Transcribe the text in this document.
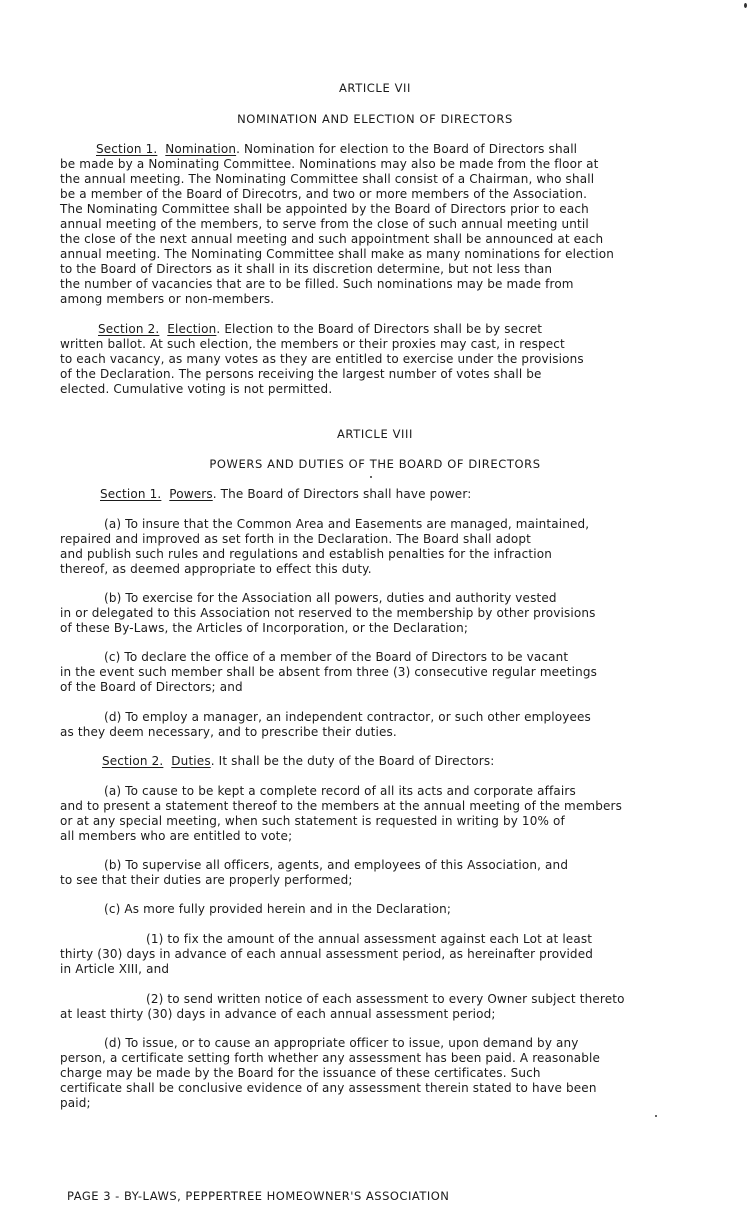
ARTICLE VII
NOMINATION AND ELECTION OF DIRECTORS
Section 1. Nomination. Nomination for election to the Board of Directors shall
be made by a Nominating Committee. Nominations may also be made from the floor at
the annual meeting. The Nominating Committee shall consist of a Chairman, who shall
be a member of the Board of Direcotrs, and two or more members of the Association.
The Nominating Committee shall be appointed by the Board of Directors prior to each
annual meeting of the members, to serve from the close of such annual meeting until
the close of the next annual meeting and such appointment shall be announced at each
annual meeting. The Nominating Committee shall make as many nominations for election
to the Board of Directors as it shall in its discretion determine, but not less than
the number of vacancies that are to be filled. Such nominations may be made from
among members or non-members.
Section 2. Election. Election to the Board of Directors shall be by secret
written ballot. At such election, the members or their proxies may cast, in respect
to each vacancy, as many votes as they are entitled to exercise under the provisions
of the Declaration. The persons receiving the largest number of votes shall be
elected. Cumulative voting is not permitted.
ARTICLE VIII
POWERS AND DUTIES OF THE BOARD OF DIRECTORS
Section 1. Powers. The Board of Directors shall have power:
(a) To insure that the Common Area and Easements are managed, maintained,
repaired and improved as set forth in the Declaration. The Board shall adopt
and publish such rules and regulations and establish penalties for the infraction
thereof, as deemed appropriate to effect this duty.
(b) To exercise for the Association all powers, duties and authority vested
in or delegated to this Association not reserved to the membership by other provisions
of these By-Laws, the Articles of Incorporation, or the Declaration;
(c) To declare the office of a member of the Board of Directors to be vacant
in the event such member shall be absent from three (3) consecutive regular meetings
of the Board of Directors; and
(d) To employ a manager, an independent contractor, or such other employees
as they deem necessary, and to prescribe their duties.
Section 2. Duties. It shall be the duty of the Board of Directors:
(a) To cause to be kept a complete record of all its acts and corporate affairs
and to present a statement thereof to the members at the annual meeting of the members
or at any special meeting, when such statement is requested in writing by 10% of
all members who are entitled to vote;
(b) To supervise all officers, agents, and employees of this Association, and
to see that their duties are properly performed;
(c) As more fully provided herein and in the Declaration;
(1) to fix the amount of the annual assessment against each Lot at least
thirty (30) days in advance of each annual assessment period, as hereinafter provided
in Article XIII, and
(2) to send written notice of each assessment to every Owner subject thereto
at least thirty (30) days in advance of each annual assessment period;
(d) To issue, or to cause an appropriate officer to issue, upon demand by any
person, a certificate setting forth whether any assessment has been paid. A reasonable
charge may be made by the Board for the issuance of these certificates. Such
certificate shall be conclusive evidence of any assessment therein stated to have been
paid;
PAGE 3 - BY-LAWS, PEPPERTREE HOMEOWNER'S ASSOCIATION
